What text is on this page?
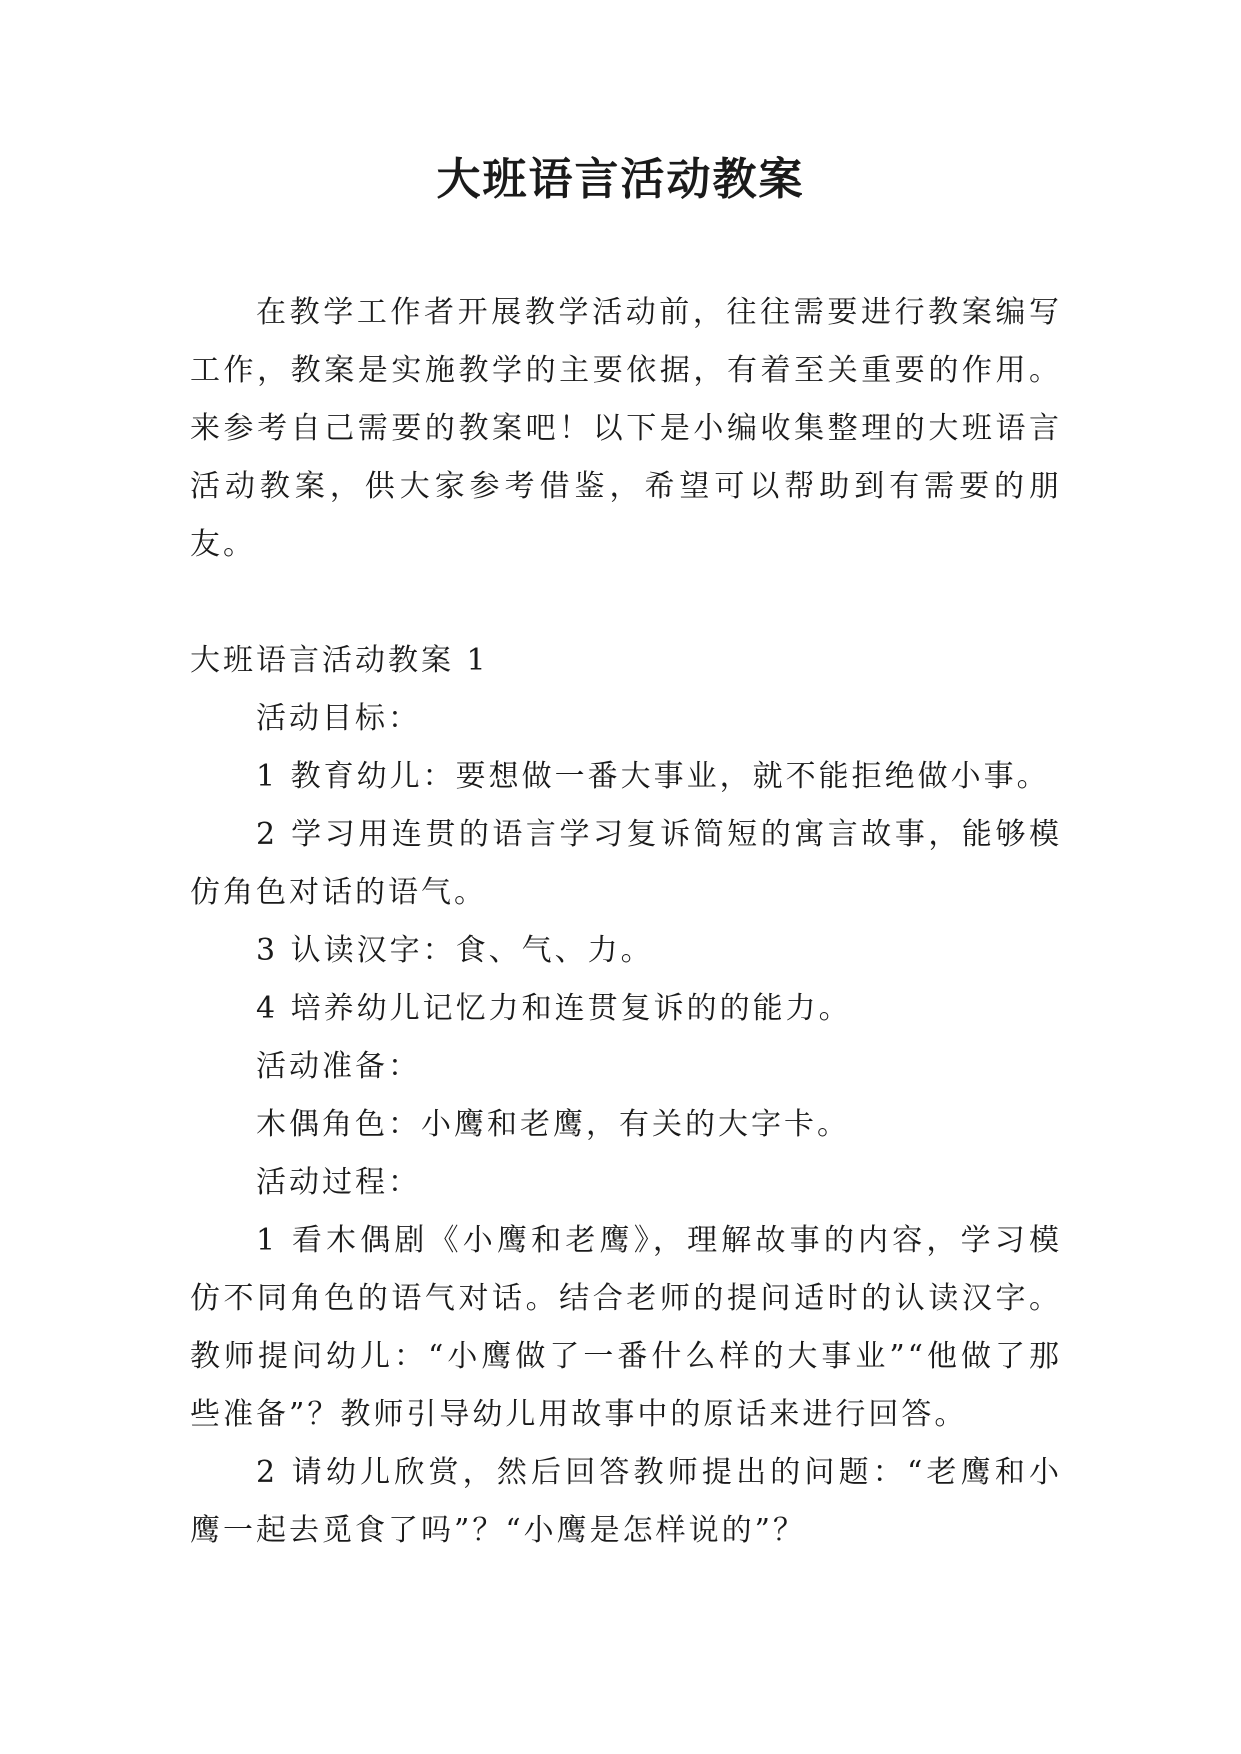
大班语言活动教案

在教学工作者开展教学活动前，往往需要进行教案编写工作，教案是实施教学的主要依据，有着至关重要的作用。来参考自己需要的教案吧！以下是小编收集整理的大班语言活动教案，供大家参考借鉴，希望可以帮助到有需要的朋友。

大班语言活动教案 1

活动目标：

1 教育幼儿：要想做一番大事业，就不能拒绝做小事。

2 学习用连贯的语言学习复诉简短的寓言故事，能够模仿角色对话的语气。

3 认读汉字：食、气、力。

4 培养幼儿记忆力和连贯复诉的的能力。

活动准备：

木偶角色：小鹰和老鹰，有关的大字卡。

活动过程：

1 看木偶剧《小鹰和老鹰》，理解故事的内容，学习模仿不同角色的语气对话。结合老师的提问适时的认读汉字。教师提问幼儿：“小鹰做了一番什么样的大事业”“他做了那些准备”？教师引导幼儿用故事中的原话来进行回答。

2 请幼儿欣赏，然后回答教师提出的问题：“老鹰和小鹰一起去觅食了吗”？“小鹰是怎样说的”？
